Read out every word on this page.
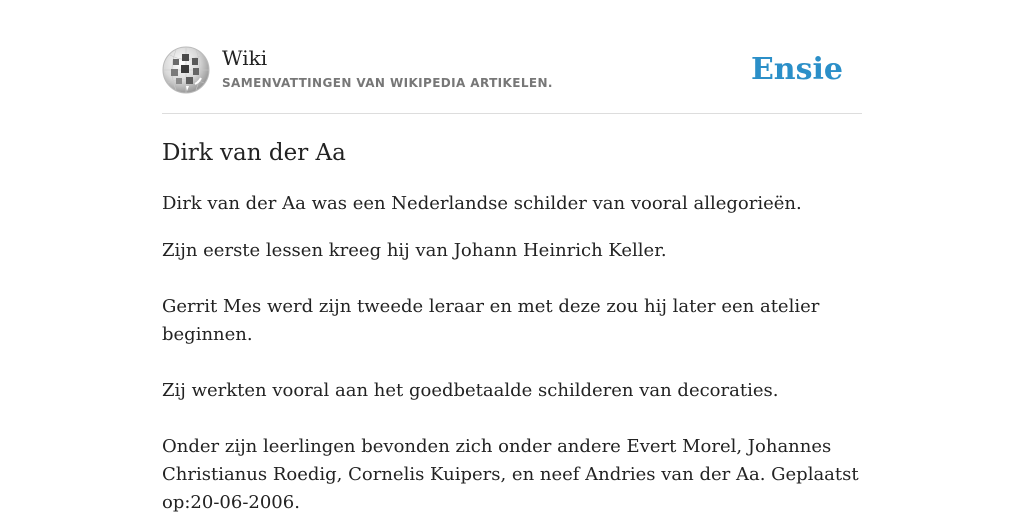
Wiki
SAMENVATTINGEN VAN WIKIPEDIA ARTIKELEN.	Ensie
Dirk van der Aa

Dirk van der Aa was een Nederlandse schilder van vooral allegorieën.

Zijn eerste lessen kreeg hij van Johann Heinrich Keller.

Gerrit Mes werd zijn tweede leraar en met deze zou hij later een atelier beginnen.

Zij werkten vooral aan het goedbetaalde schilderen van decoraties.

Onder zijn leerlingen bevonden zich onder andere Evert Morel, Johannes Christianus Roedig, Cornelis Kuipers, en neef Andries van der Aa. Geplaatst op:20-06-2006.
